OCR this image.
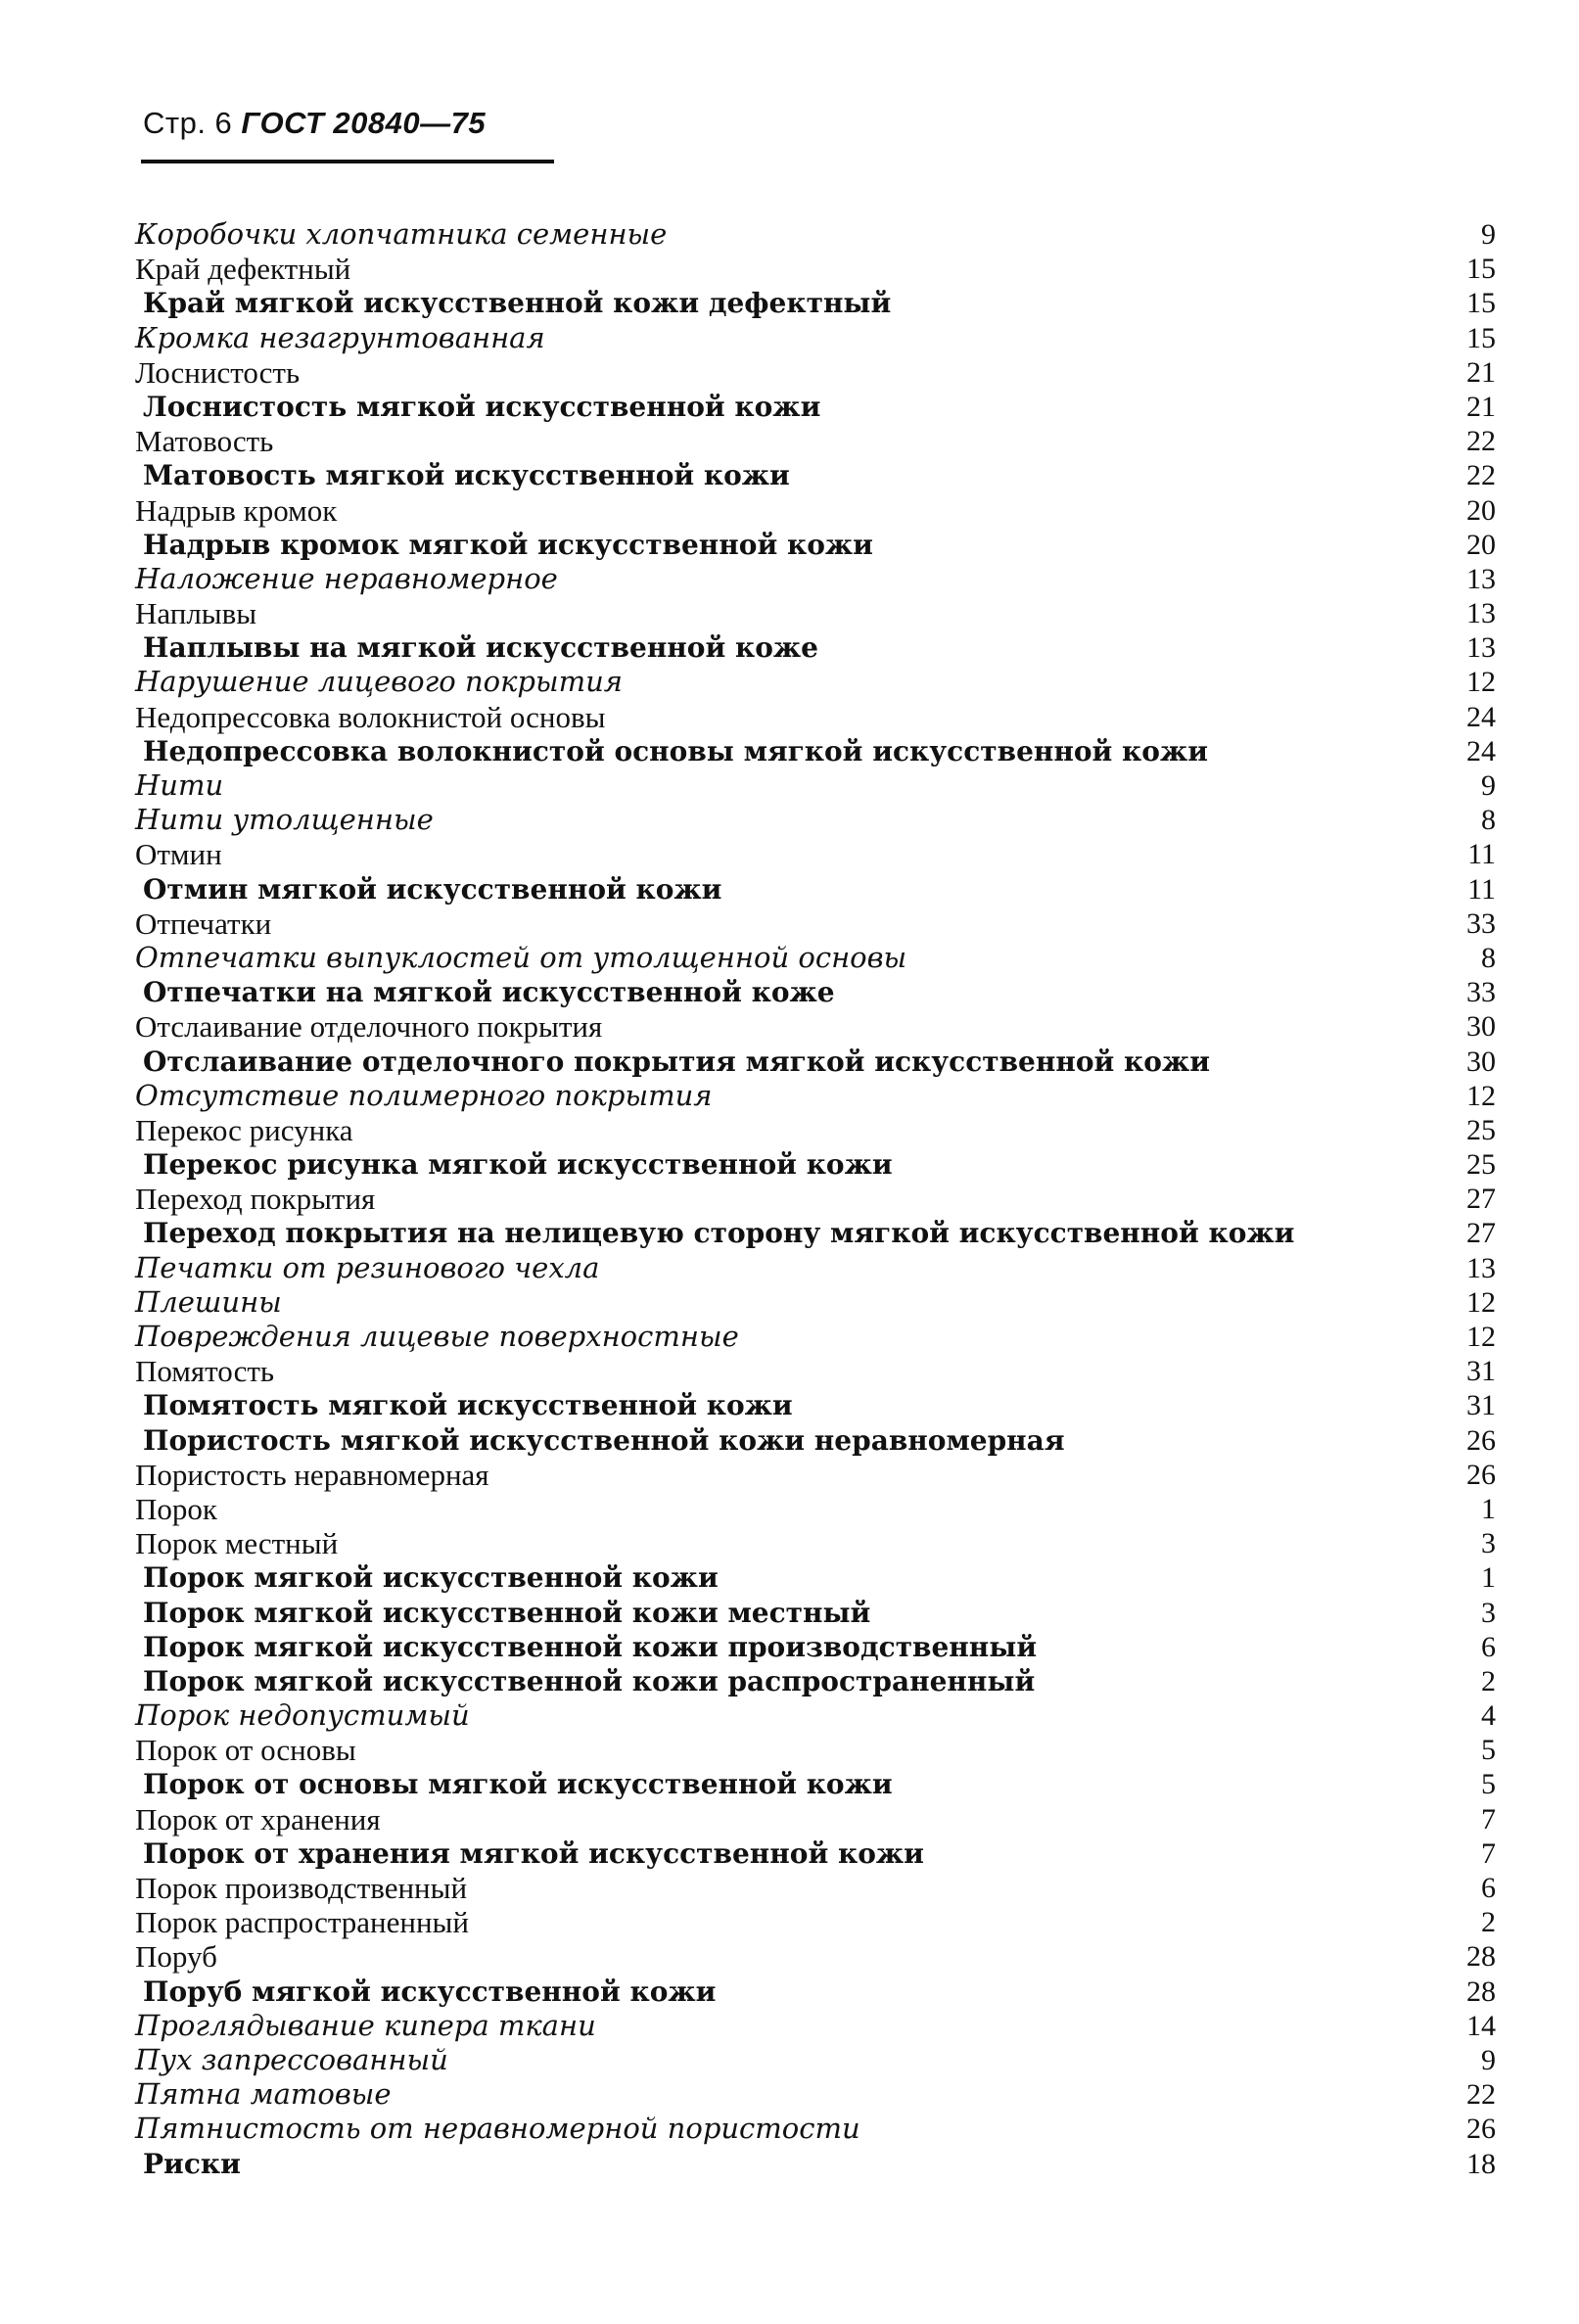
Стр. 6 ГОСТ 20840—75
Коробочки хлопчатника семенные	9
Край дефектный	15
Край мягкой искусственной кожи дефектный	15
Кромка незагрунтованная	15
Лоснистость	21
Лоснистость мягкой искусственной кожи	21
Матовость	22
Матовость мягкой искусственной кожи	22
Надрыв кромок	20
Надрыв кромок мягкой искусственной кожи	20
Наложение неравномерное	13
Наплывы	13
Наплывы на мягкой искусственной коже	13
Нарушение лицевого покрытия	12
Недопрессовка волокнистой основы	24
Недопрессовка волокнистой основы мягкой искусственной кожи	24
Нити	9
Нити утолщенные	8
Отмин	11
Отмин мягкой искусственной кожи	11
Отпечатки	33
Отпечатки выпуклостей от утолщенной основы	8
Отпечатки на мягкой искусственной коже	33
Отслаивание отделочного покрытия	30
Отслаивание отделочного покрытия мягкой искусственной кожи	30
Отсутствие полимерного покрытия	12
Перекос рисунка	25
Перекос рисунка мягкой искусственной кожи	25
Переход покрытия	27
Переход покрытия на нелицевую сторону мягкой искусственной кожи	27
Печатки от резинового чехла	13
Плешины	12
Повреждения лицевые поверхностные	12
Помятость	31
Помятость мягкой искусственной кожи	31
Пористость мягкой искусственной кожи неравномерная	26
Пористость неравномерная	26
Порок	1
Порок местный	3
Порок мягкой искусственной кожи	1
Порок мягкой искусственной кожи местный	3
Порок мягкой искусственной кожи производственный	6
Порок мягкой искусственной кожи распространенный	2
Порок недопустимый	4
Порок от основы	5
Порок от основы мягкой искусственной кожи	5
Порок от хранения	7
Порок от хранения мягкой искусственной кожи	7
Порок производственный	6
Порок распространенный	2
Поруб	28
Поруб мягкой искусственной кожи	28
Проглядывание кипера ткани	14
Пух запрессованный	9
Пятна матовые	22
Пятнистость от неравномерной пористости	26
Риски	18
